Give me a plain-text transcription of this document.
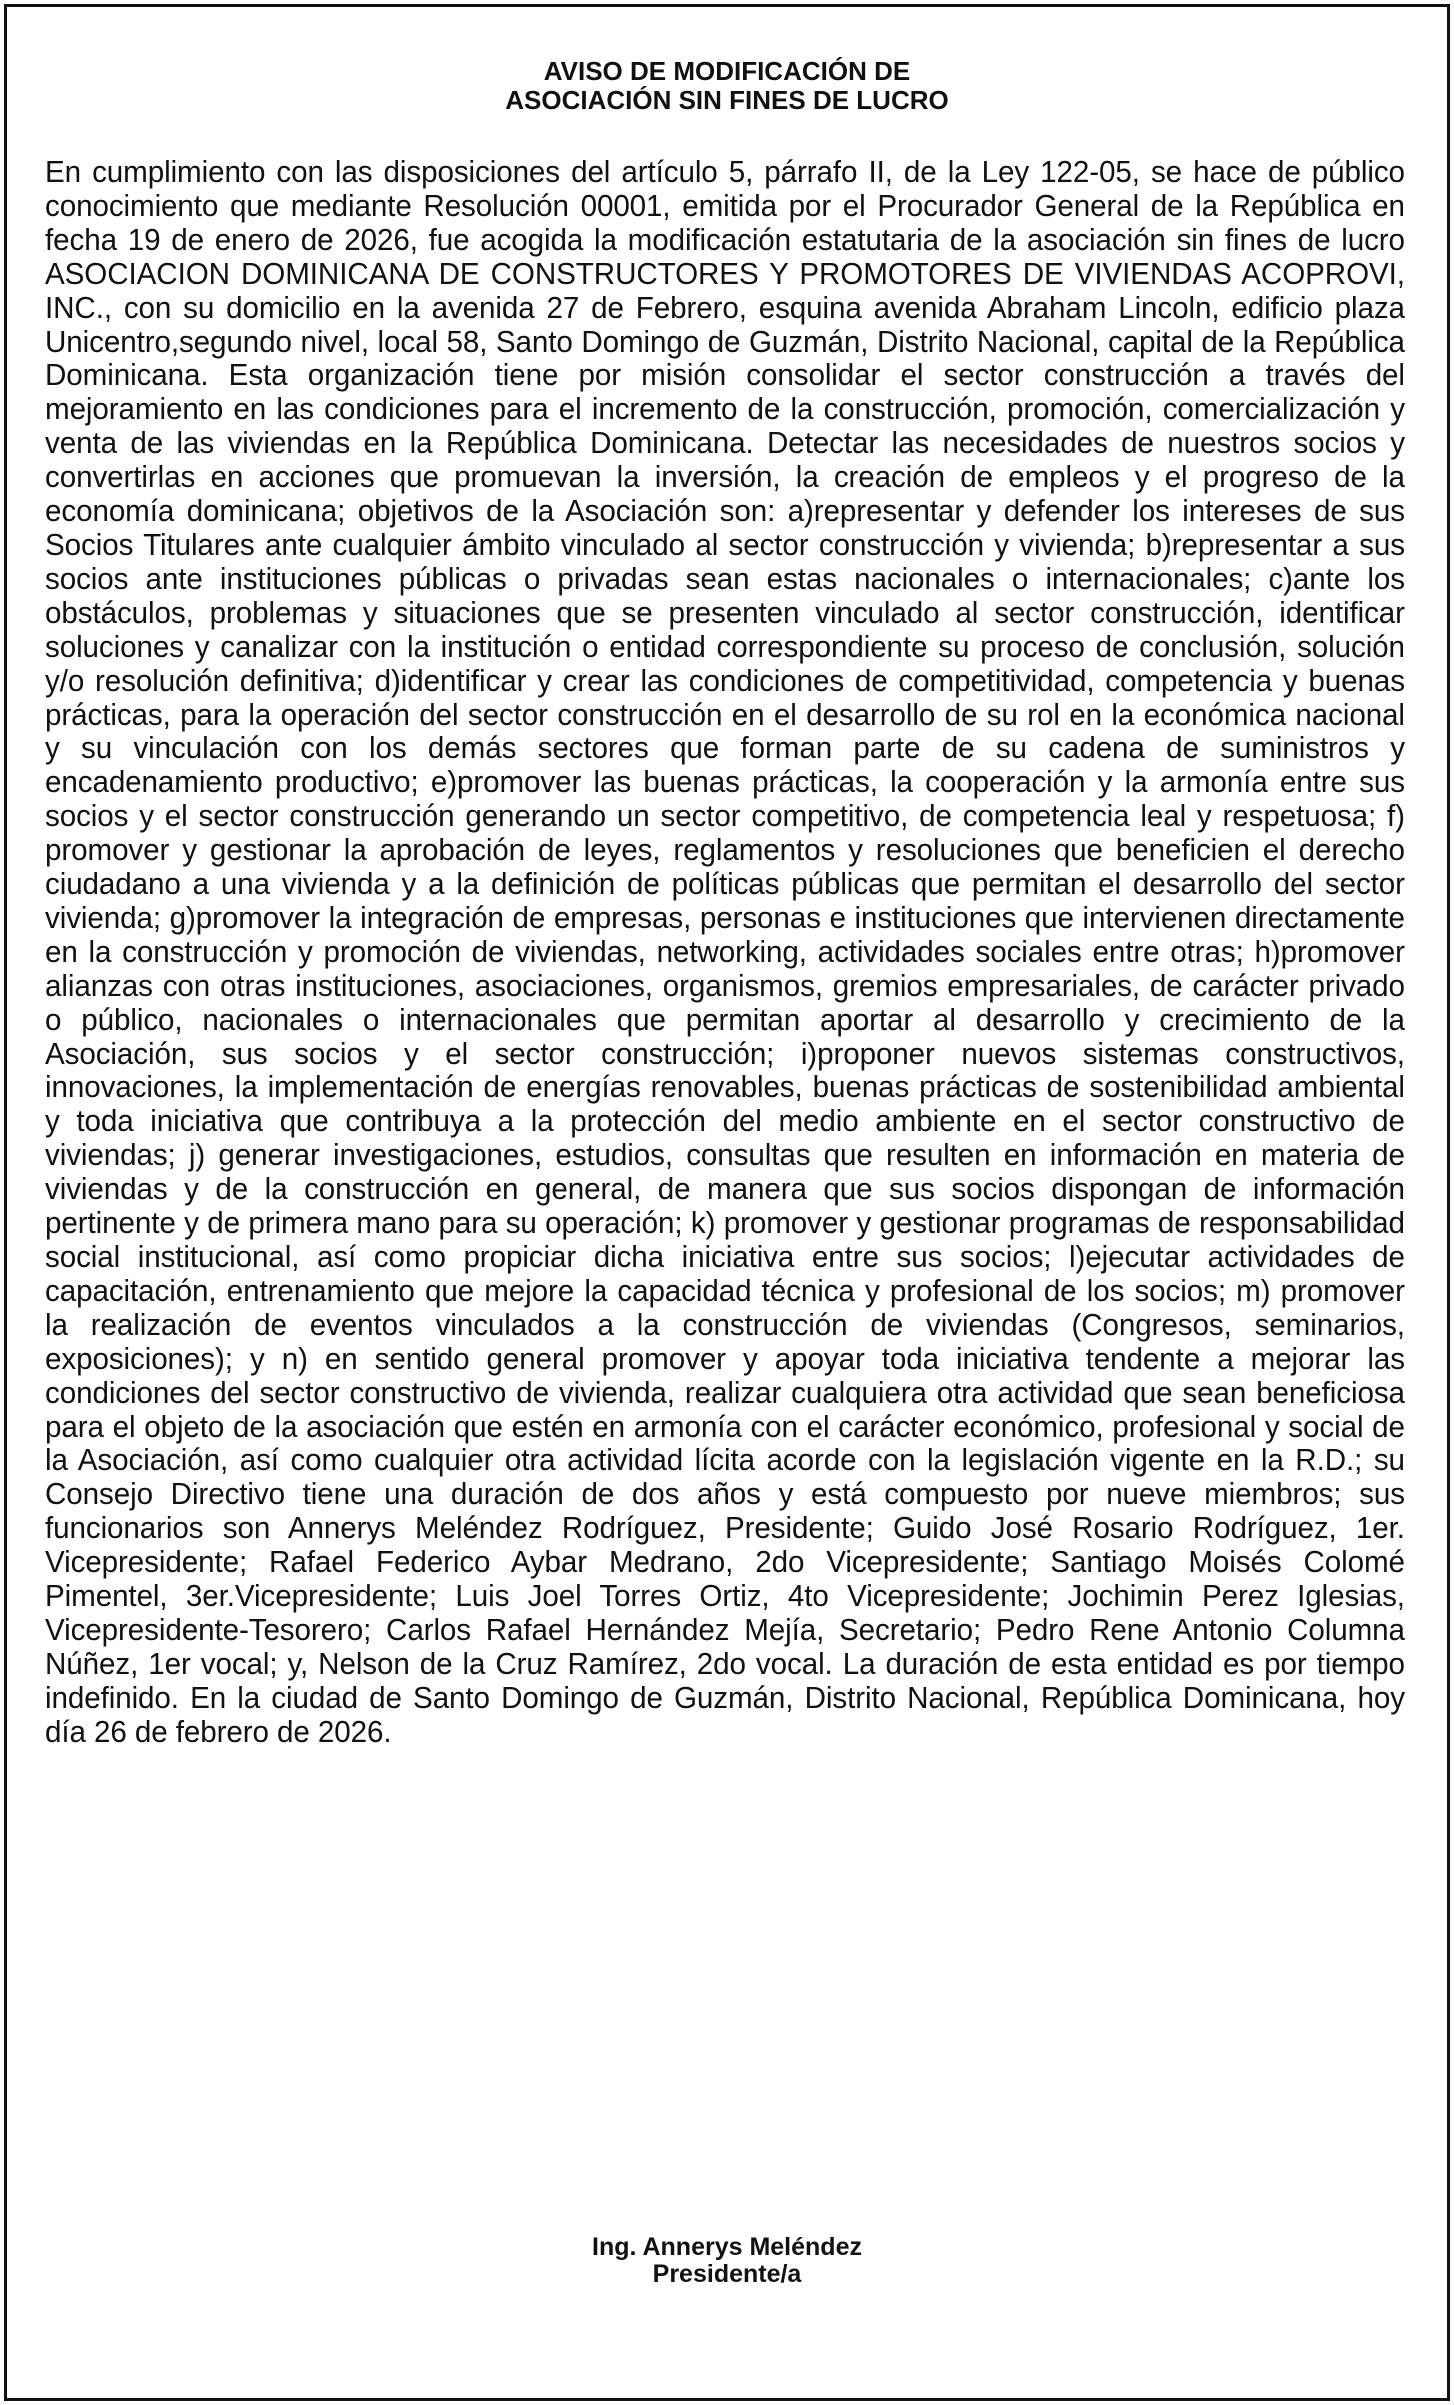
AVISO DE MODIFICACIÓN DE
ASOCIACIÓN SIN FINES DE LUCRO

En cumplimiento con las disposiciones del artículo 5, párrafo II, de la Ley 122-05, se hace de público conocimiento que mediante Resolución 00001, emitida por el Procurador General de la República en fecha 19 de enero de 2026, fue acogida la modificación estatutaria de la asociación sin fines de lucro ASOCIACION DOMINICANA DE CONSTRUCTORES Y PROMOTORES DE VIVIENDAS ACOPROVI, INC., con su domicilio en la avenida 27 de Febrero, esquina avenida Abraham Lincoln, edificio plaza Unicentro,segundo nivel, local 58, Santo Domingo de Guzmán, Distrito Nacional, capital de la República Dominicana. Esta organización tiene por misión consolidar el sector construcción a través del mejoramiento en las condiciones para el incremento de la construcción, promoción, comercialización y venta de las viviendas en la República Dominicana. Detectar las necesidades de nuestros socios y convertirlas en acciones que promuevan la inversión, la creación de empleos y el progreso de la economía dominicana; objetivos de la Asociación son: a)representar y defender los intereses de sus Socios Titulares ante cualquier ámbito vinculado al sector construcción y vivienda; b)representar a sus socios ante instituciones públicas o privadas sean estas nacionales o internacionales; c)ante los obstáculos, problemas y situaciones que se presenten vinculado al sector construcción, identificar soluciones y canalizar con la institución o entidad correspondiente su proceso de conclusión, solución y/o resolución definitiva; d)identificar y crear las condiciones de competitividad, competencia y buenas prácticas, para la operación del sector construcción en el desarrollo de su rol en la económica nacional y su vinculación con los demás sectores que forman parte de su cadena de suministros y encadenamiento productivo; e)promover las buenas prácticas, la cooperación y la armonía entre sus socios y el sector construcción generando un sector competitivo, de competencia leal y respetuosa; f) promover y gestionar la aprobación de leyes, reglamentos y resoluciones que beneficien el derecho ciudadano a una vivienda y a la definición de políticas públicas que permitan el desarrollo del sector vivienda; g)promover la integración de empresas, personas e instituciones que intervienen directamente en la construcción y promoción de viviendas, networking, actividades sociales entre otras; h)promover alianzas con otras instituciones, asociaciones, organismos, gremios empresariales, de carácter privado o público, nacionales o internacionales que permitan aportar al desarrollo y crecimiento de la Asociación, sus socios y el sector construcción; i)proponer nuevos sistemas constructivos, innovaciones, la implementación de energías renovables, buenas prácticas de sostenibilidad ambiental y toda iniciativa que contribuya a la protección del medio ambiente en el sector constructivo de viviendas; j) generar investigaciones, estudios, consultas que resulten en información en materia de viviendas y de la construcción en general, de manera que sus socios dispongan de información pertinente y de primera mano para su operación; k) promover y gestionar programas de responsabilidad social institucional, así como propiciar dicha iniciativa entre sus socios; l)ejecutar actividades de capacitación, entrenamiento que mejore la capacidad técnica y profesional de los socios; m) promover la realización de eventos vinculados a la construcción de viviendas (Congresos, seminarios, exposiciones); y n) en sentido general promover y apoyar toda iniciativa tendente a mejorar las condiciones del sector constructivo de vivienda, realizar cualquiera otra actividad que sean beneficiosa para el objeto de la asociación que estén en armonía con el carácter económico, profesional y social de la Asociación, así como cualquier otra actividad lícita acorde con la legislación vigente en la R.D.; su Consejo Directivo tiene una duración de dos años y está compuesto por nueve miembros; sus funcionarios son Annerys Meléndez Rodríguez, Presidente; Guido José Rosario Rodríguez, 1er. Vicepresidente; Rafael Federico Aybar Medrano, 2do Vicepresidente; Santiago Moisés Colomé Pimentel, 3er.Vicepresidente; Luis Joel Torres Ortiz, 4to Vicepresidente; Jochimin Perez Iglesias, Vicepresidente-Tesorero; Carlos Rafael Hernández Mejía, Secretario; Pedro Rene Antonio Columna Núñez, 1er vocal; y, Nelson de la Cruz Ramírez, 2do vocal. La duración de esta entidad es por tiempo indefinido. En la ciudad de Santo Domingo de Guzmán, Distrito Nacional, República Dominicana, hoy día 26 de febrero de 2026.

Ing. Annerys Meléndez
Presidente/a
